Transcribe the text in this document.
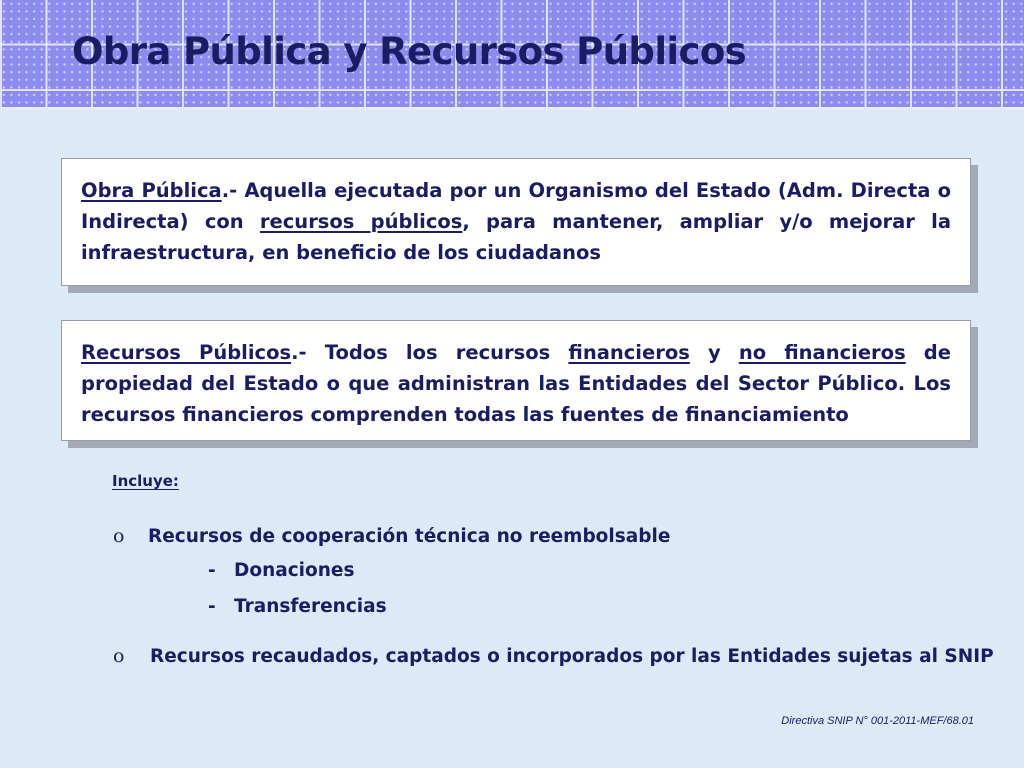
Obra Pública y Recursos Públicos
Obra Pública.- Aquella ejecutada por un Organismo del Estado (Adm. Directa o Indirecta) con recursos públicos, para mantener, ampliar y/o mejorar la infraestructura, en beneficio de los ciudadanos
Recursos Públicos.- Todos los recursos financieros y no financieros de propiedad del Estado o que administran las Entidades del Sector Público. Los recursos financieros comprenden todas las fuentes de financiamiento
Incluye:
o Recursos de cooperación técnica no reembolsable
- Donaciones
- Transferencias
o Recursos recaudados, captados o incorporados por las Entidades sujetas al SNIP
Directiva SNIP N° 001-2011-MEF/68.01
